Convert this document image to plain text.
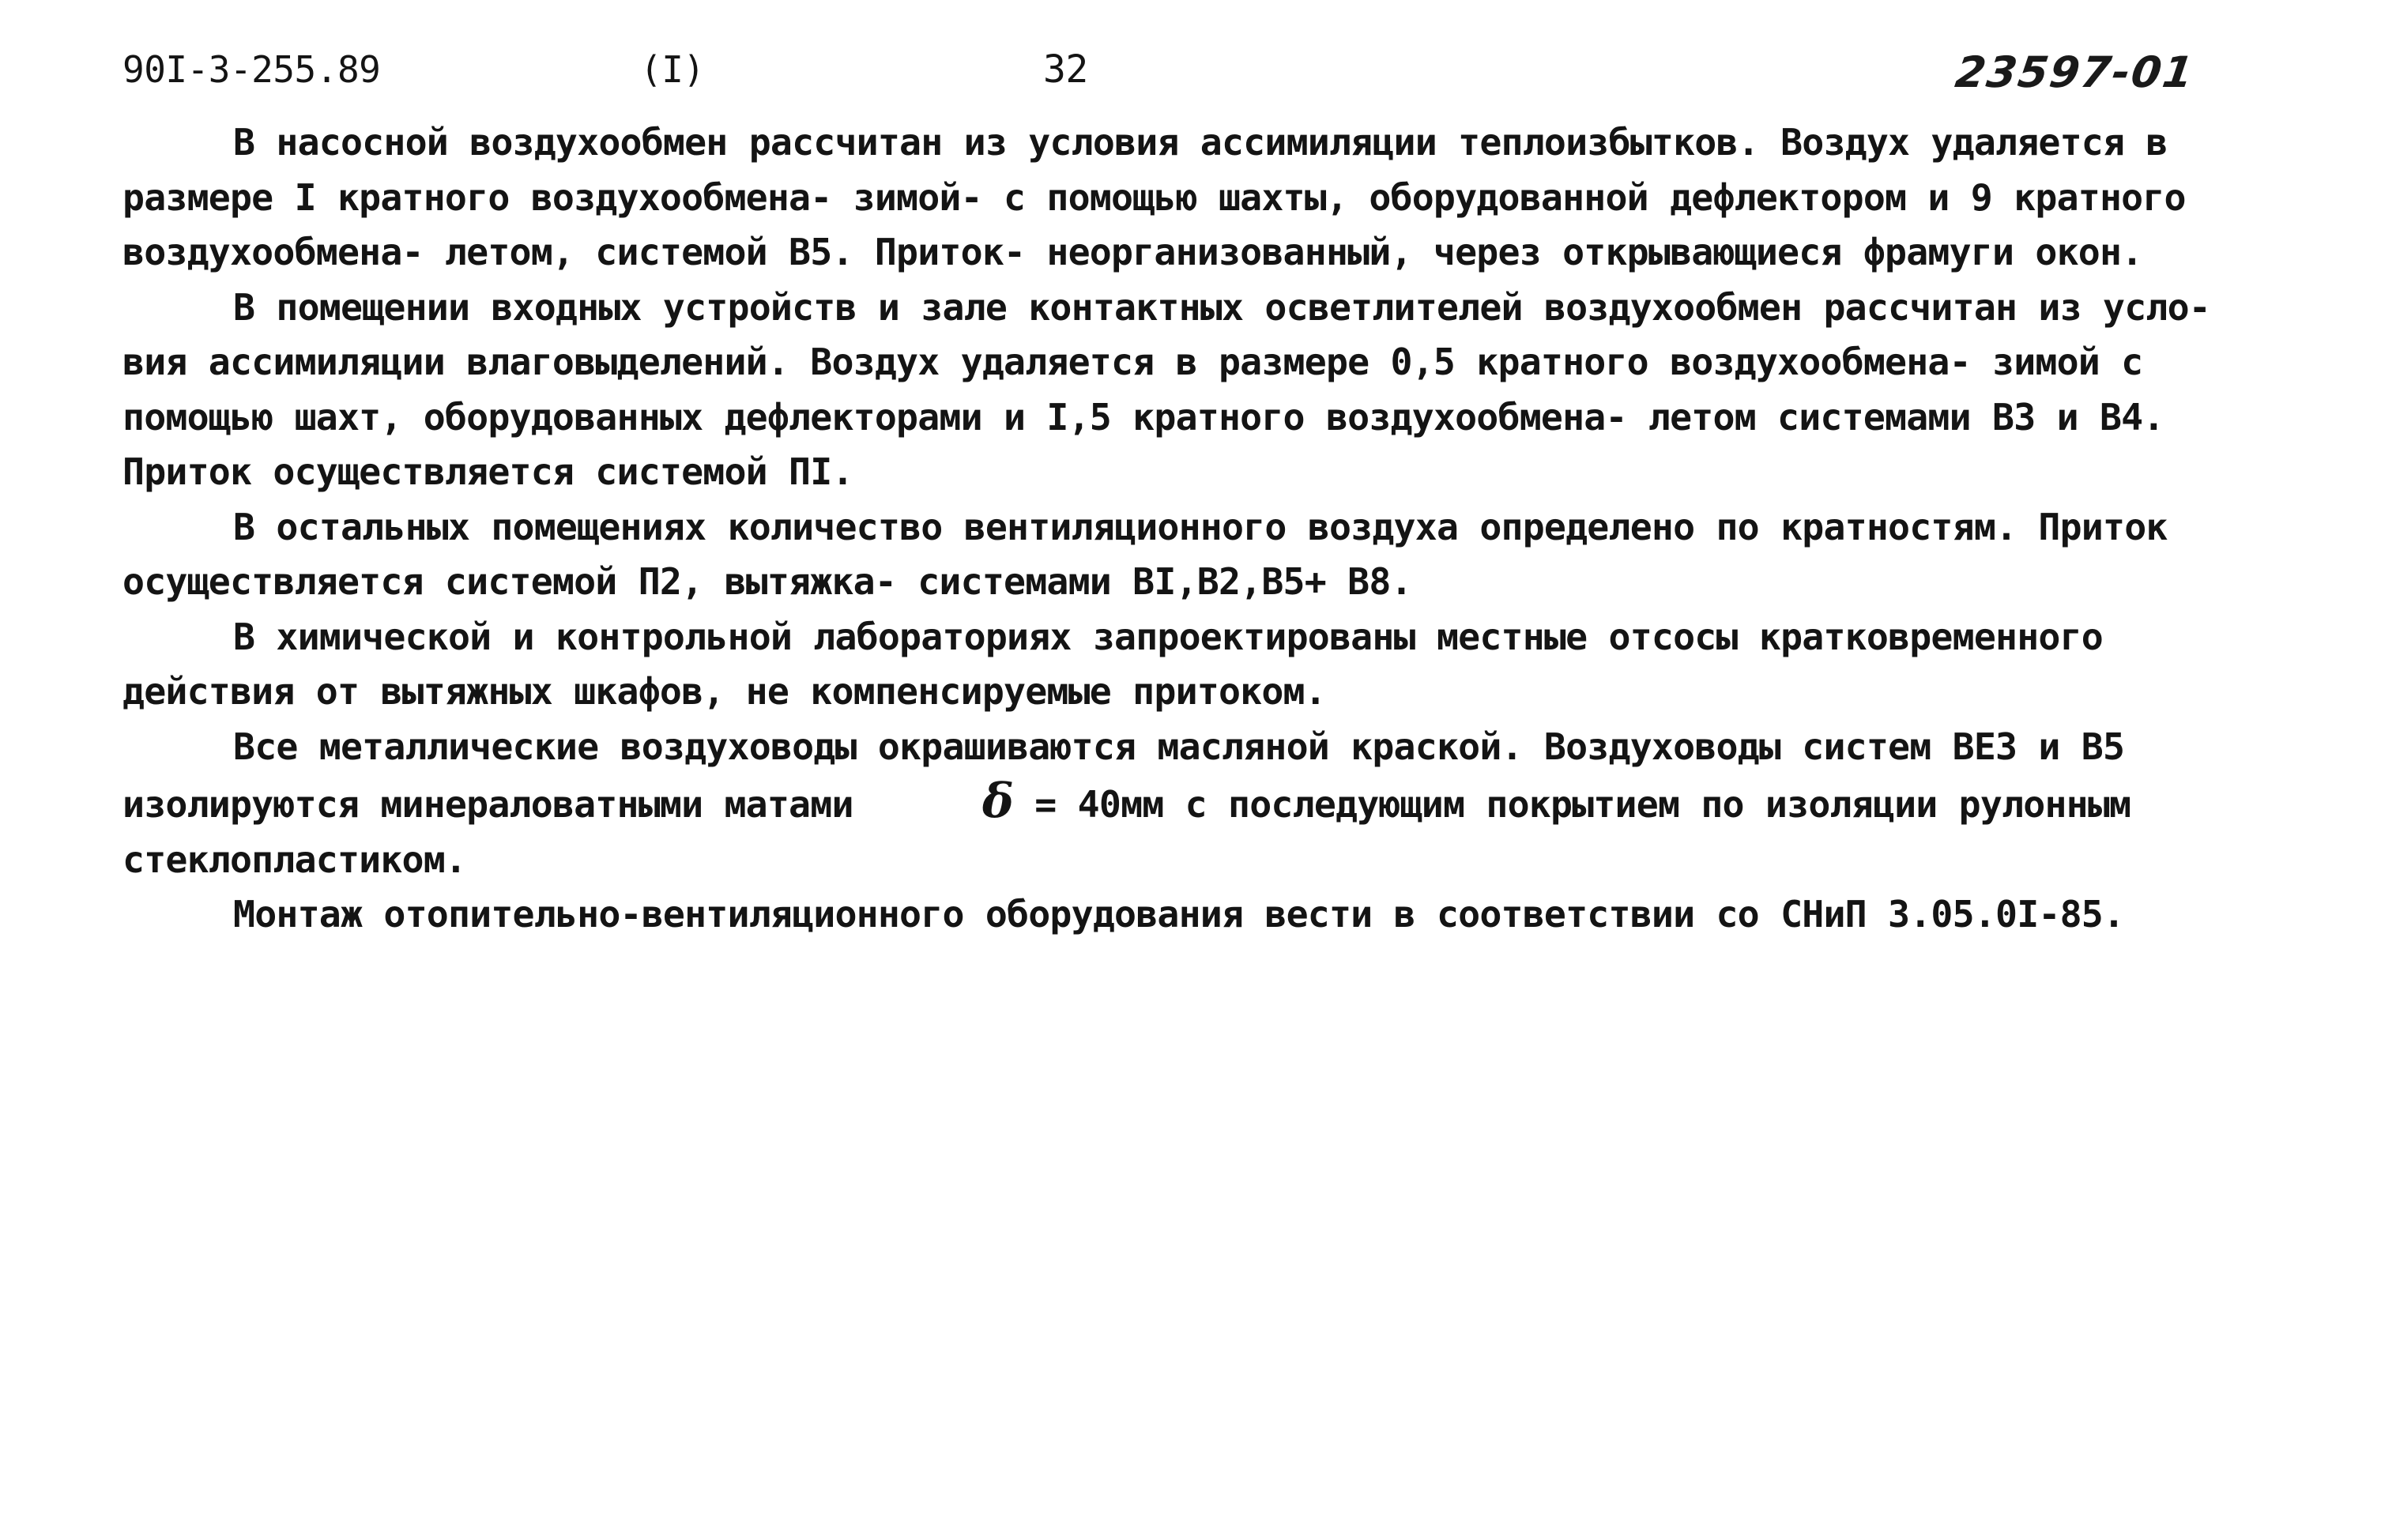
90I-3-255.89	(I)	32	23597-01
В насосной воздухообмен рассчитан из условия ассимиляции теплоизбытков. Воздух удаляется в
размере I кратного воздухообмена- зимой- с помощью шахты, оборудованной дефлектором и 9 кратного
воздухообмена- летом, системой В5. Приток- неорганизованный, через открывающиеся фрамуги окон.
В помещении входных устройств и зале контактных осветлителей воздухообмен рассчитан из усло-
вия ассимиляции влаговыделений. Воздух удаляется в размере 0,5 кратного воздухообмена- зимой с
помощью шахт, оборудованных дефлекторами и I,5 кратного воздухообмена- летом системами В3 и В4.
Приток осуществляется системой ПI.
В остальных помещениях количество вентиляционного воздуха определено по кратностям. Приток
осуществляется системой П2, вытяжка- системами ВI,В2,В5+ В8.
В химической и контрольной лабораториях запроектированы местные отсосы кратковременного
действия от вытяжных шкафов, не компенсируемые притоком.
Все металлические воздуховоды окрашиваются масляной краской. Воздуховоды систем ВЕ3 и В5
изолируются минераловатными матами	δ = 40мм с последующим покрытием по изоляции рулонным
стеклопластиком.
Монтаж отопительно-вентиляционного оборудования вести в соответствии со СНиП 3.05.0I-85.
